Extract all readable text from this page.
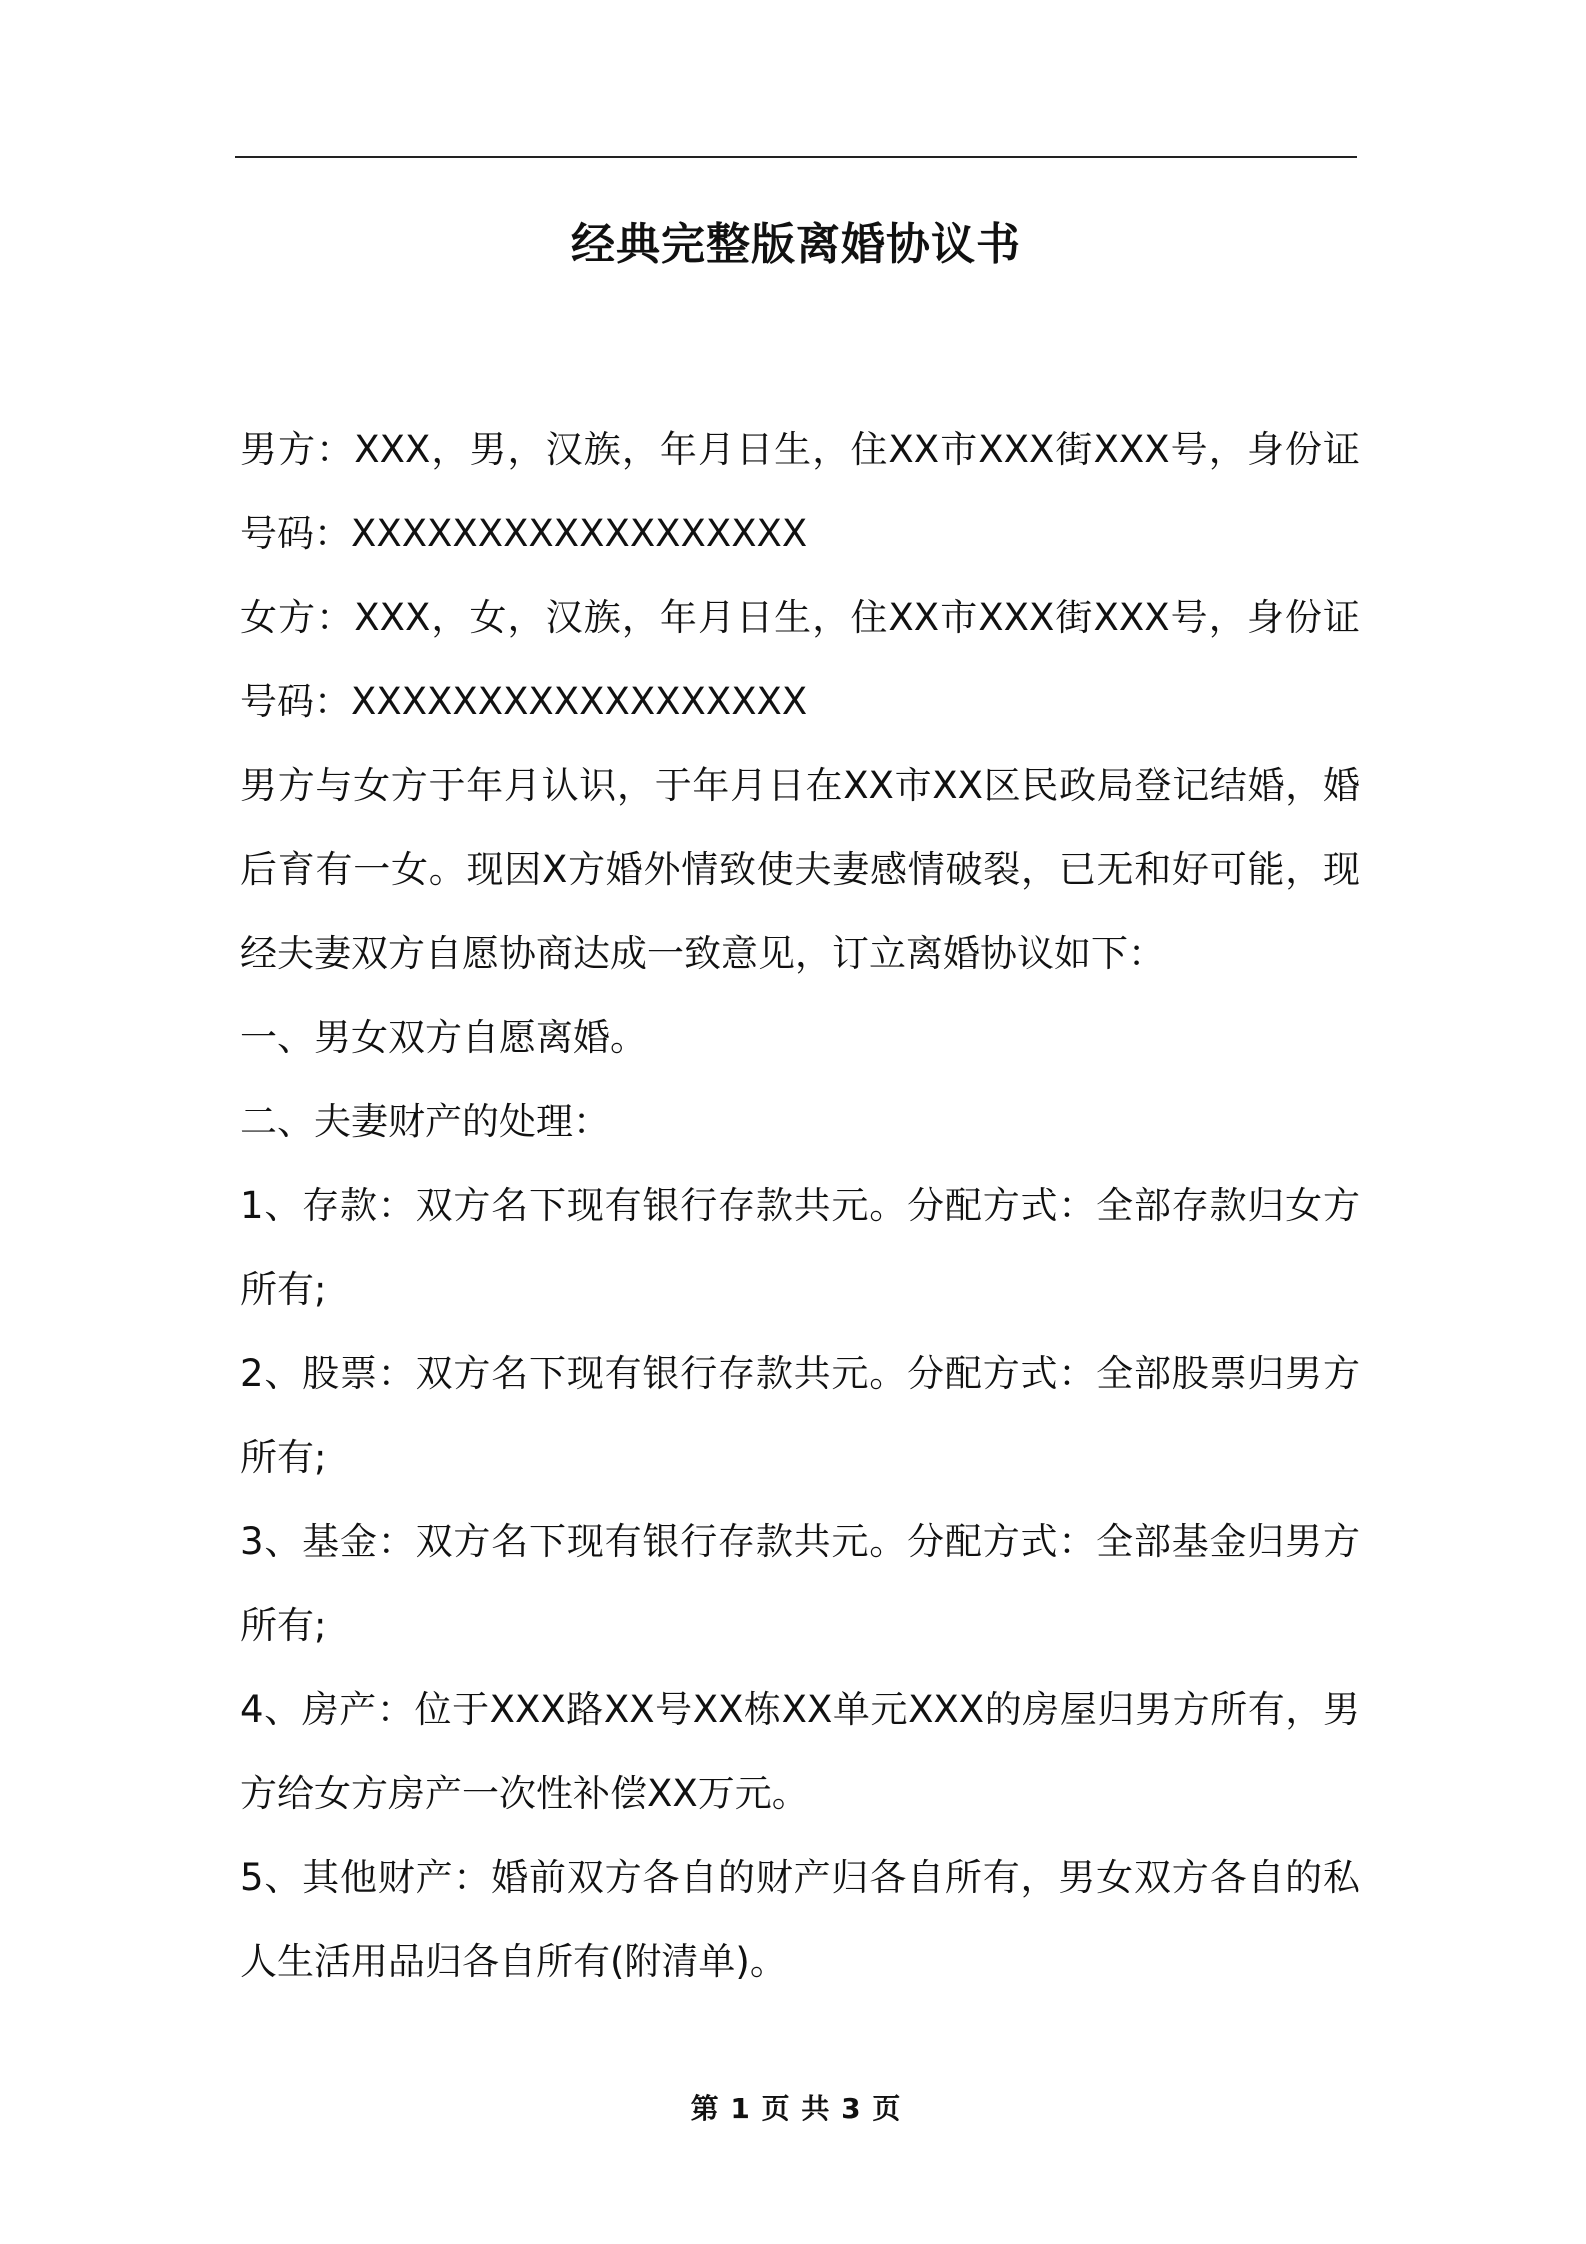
经典完整版离婚协议书

男方：XXX，男，汉族，年月日生，住XX市XXX街XXX号，身份证号码：XXXXXXXXXXXXXXXXXX

女方：XXX，女，汉族，年月日生，住XX市XXX街XXX号，身份证号码：XXXXXXXXXXXXXXXXXX

男方与女方于年月认识，于年月日在XX市XX区民政局登记结婚，婚后育有一女。现因X方婚外情致使夫妻感情破裂，已无和好可能，现经夫妻双方自愿协商达成一致意见，订立离婚协议如下：

一、男女双方自愿离婚。

二、夫妻财产的处理：

1、存款：双方名下现有银行存款共元。分配方式：全部存款归女方所有;

2、股票：双方名下现有银行存款共元。分配方式：全部股票归男方所有;

3、基金：双方名下现有银行存款共元。分配方式：全部基金归男方所有;

4、房产：位于XXX路XX号XX栋XX单元XXX的房屋归男方所有，男方给女方房产一次性补偿XX万元。

5、其他财产：婚前双方各自的财产归各自所有，男女双方各自的私人生活用品归各自所有(附清单)。

第 1 页 共 3 页
